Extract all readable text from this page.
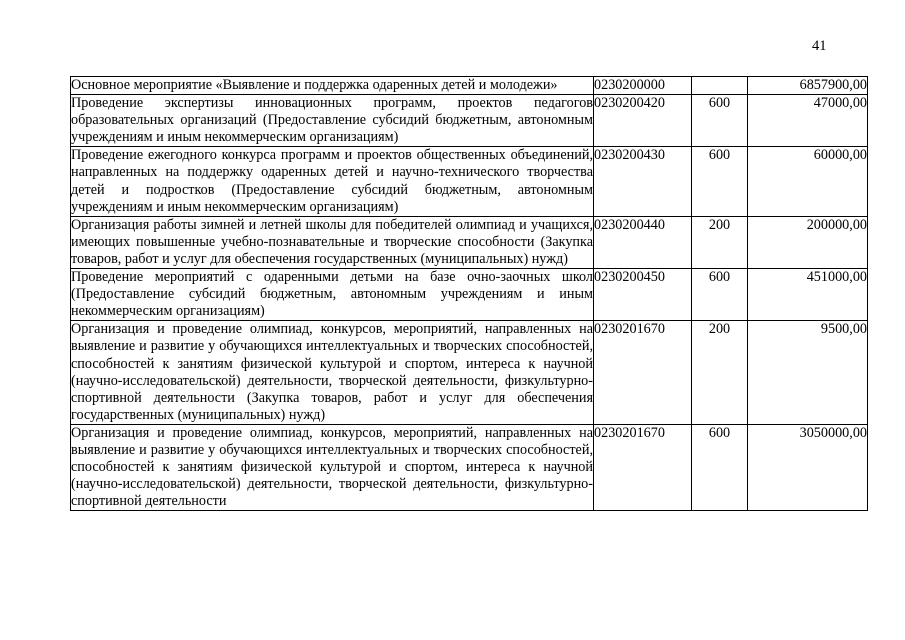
41
Основное мероприятие «Выявление и поддержка одаренных детей и молодежи»	0230200000		6857900,00
Проведение экспертизы инновационных программ, проектов педагогов образовательных организаций (Предоставление субсидий бюджетным, автономным учреждениям и иным некоммерческим организациям)	0230200420	600	47000,00
Проведение ежегодного конкурса программ и проектов общественных объединений, направленных на поддержку одаренных детей и научно-технического творчества детей и подростков (Предоставление субсидий бюджетным, автономным учреждениям и иным некоммерческим организациям)	0230200430	600	60000,00
Организация работы зимней и летней школы для победителей олимпиад и учащихся, имеющих повышенные учебно-познавательные и творческие способности (Закупка товаров, работ и услуг для обеспечения государственных (муниципальных) нужд)	0230200440	200	200000,00
Проведение мероприятий с одаренными детьми на базе очно-заочных школ (Предоставление субсидий бюджетным, автономным учреждениям и иным некоммерческим организациям)	0230200450	600	451000,00
Организация и проведение олимпиад, конкурсов, мероприятий, направленных на выявление и развитие у обучающихся интеллектуальных и творческих способностей, способностей к занятиям физической культурой и спортом, интереса к научной (научно-исследовательской) деятельности, творческой деятельности, физкультурно-спортивной деятельности (Закупка товаров, работ и услуг для обеспечения государственных (муниципальных) нужд)	0230201670	200	9500,00
Организация и проведение олимпиад, конкурсов, мероприятий, направленных на выявление и развитие у обучающихся интеллектуальных и творческих способностей, способностей к занятиям физической культурой и спортом, интереса к научной (научно-исследовательской) деятельности, творческой деятельности, физкультурно-спортивной деятельности	0230201670	600	3050000,00
